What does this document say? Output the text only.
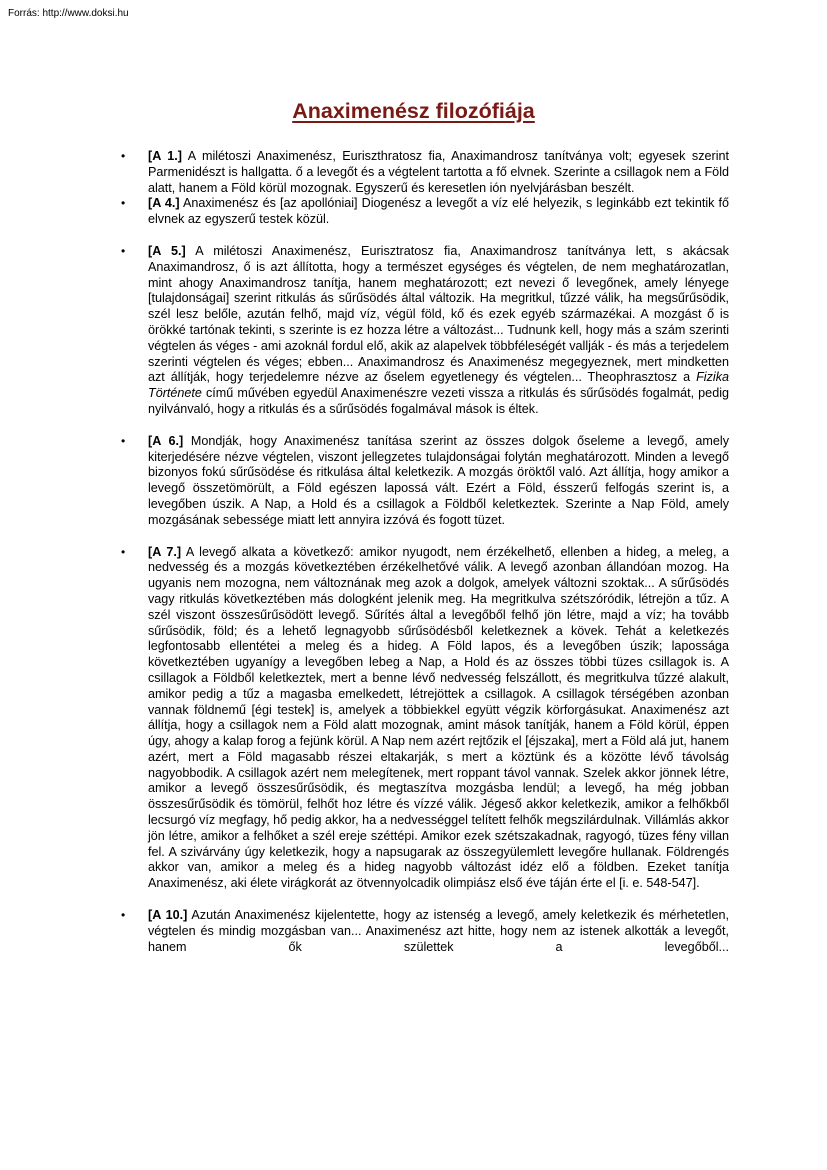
Forrás: http://www.doksi.hu
Anaximenész filozófiája
• [A 1.] A milétoszi Anaximenész, Euriszthratosz fia, Anaximandrosz tanítványa volt; egyesek szerint Parmenidészt is hallgatta. ő a levegőt és a végtelent tartotta a fő elvnek. Szerinte a csillagok nem a Föld alatt, hanem a Föld körül mozognak. Egyszerű és keresetlen ión nyelvjárásban beszélt.
• [A 4.] Anaximenész és [az apollóniai] Diogenész a levegőt a víz elé helyezik, s leginkább ezt tekintik fő elvnek az egyszerű testek közül.
• [A 5.] A milétoszi Anaximenész, Eurisztratosz fia, Anaximandrosz tanítványa lett, s akácsak Anaximandrosz, ő is azt állította, hogy a természet egységes és végtelen, de nem meghatározatlan, mint ahogy Anaximandrosz tanítja, hanem meghatározott; ezt nevezi ő levegőnek, amely lényege [tulajdonságai] szerint ritkulás ás sűrűsödés által változik. Ha megritkul, tűzzé válik, ha megsűrűsödik, szél lesz belőle, azután felhő, majd víz, végül föld, kő és ezek egyéb származékai. A mozgást ő is örökké tartónak tekinti, s szerinte is ez hozza létre a változást... Tudnunk kell, hogy más a szám szerinti végtelen ás véges - ami azoknál fordul elő, akik az alapelvek többféleségét vallják - és más a terjedelem szerinti végtelen és véges; ebben... Anaximandrosz és Anaximenész megegyeznek, mert mindketten azt állítják, hogy terjedelemre nézve az őselem egyetlenegy és végtelen... Theophrasztosz a Fizika Története című művében egyedül Anaximenészre vezeti vissza a ritkulás és sűrűsödés fogalmát, pedig nyilvánvaló, hogy a ritkulás és a sűrűsödés fogalmával mások is éltek.
• [A 6.] Mondják, hogy Anaximenész tanítása szerint az összes dolgok őseleme a levegő, amely kiterjedésére nézve végtelen, viszont jellegzetes tulajdonságai folytán meghatározott. Minden a levegő bizonyos fokú sűrűsödése és ritkulása által keletkezik. A mozgás öröktől való. Azt állítja, hogy amikor a levegő összetömörült, a Föld egészen lapossá vált. Ezért a Föld, ésszerű felfogás szerint is, a levegőben úszik. A Nap, a Hold és a csillagok a Földből keletkeztek. Szerinte a Nap Föld, amely mozgásának sebessége miatt lett annyira izzóvá és fogott tüzet.
• [A 7.] A levegő alkata a következő: amikor nyugodt, nem érzékelhető, ellenben a hideg, a meleg, a nedvesség és a mozgás következtében érzékelhetővé válik. A levegő azonban állandóan mozog. Ha ugyanis nem mozogna, nem változnának meg azok a dolgok, amelyek változni szoktak... A sűrűsödés vagy ritkulás következtében más dologként jelenik meg. Ha megritkulva szétszóródik, létrejön a tűz. A szél viszont összesűrűsödött levegő. Sűrítés által a levegőből felhő jön létre, majd a víz; ha tovább sűrűsödik, föld; és a lehető legnagyobb sűrűsödésből keletkeznek a kövek. Tehát a keletkezés legfontosabb ellentétei a meleg és a hideg. A Föld lapos, és a levegőben úszik; lapossága következtében ugyanígy a levegőben lebeg a Nap, a Hold és az összes többi tüzes csillagok is. A csillagok a Földből keletkeztek, mert a benne lévő nedvesség felszállott, és megritkulva tűzzé alakult, amikor pedig a tűz a magasba emelkedett, létrejöttek a csillagok. A csillagok térségében azonban vannak földnemű [égi testek] is, amelyek a többiekkel együtt végzik körforgásukat. Anaximenész azt állítja, hogy a csillagok nem a Föld alatt mozognak, amint mások tanítják, hanem a Föld körül, éppen úgy, ahogy a kalap forog a fejünk körül. A Nap nem azért rejtőzik el [éjszaka], mert a Föld alá jut, hanem azért, mert a Föld magasabb részei eltakarják, s mert a köztünk és a közötte lévő távolság nagyobbodik. A csillagok azért nem melegítenek, mert roppant távol vannak. Szelek akkor jönnek létre, amikor a levegő összesűrűsödik, és megtaszítva mozgásba lendül; a levegő, ha még jobban összesűrűsödik és tömörül, felhőt hoz létre és vízzé válik. Jégeső akkor keletkezik, amikor a felhőkből lecsurgó víz megfagy, hő pedig akkor, ha a nedvességgel telített felhők megszilárdulnak. Villámlás akkor jön létre, amikor a felhőket a szél ereje széttépi. Amikor ezek szétszakadnak, ragyogó, tüzes fény villan fel. A szivárvány úgy keletkezik, hogy a napsugarak az összegyülemlett levegőre hullanak. Földrengés akkor van, amikor a meleg és a hideg nagyobb változást idéz elő a földben. Ezeket tanítja Anaximenész, aki élete virágkorát az ötvennyolcadik olimpiász első éve táján érte el [i. e. 548-547].
• [A 10.] Azután Anaximenész kijelentette, hogy az istenség a levegő, amely keletkezik és mérhetetlen, végtelen és mindig mozgásban van... Anaximenész azt hitte, hogy nem az istenek alkották a levegőt, hanem ők születtek a levegőből...
